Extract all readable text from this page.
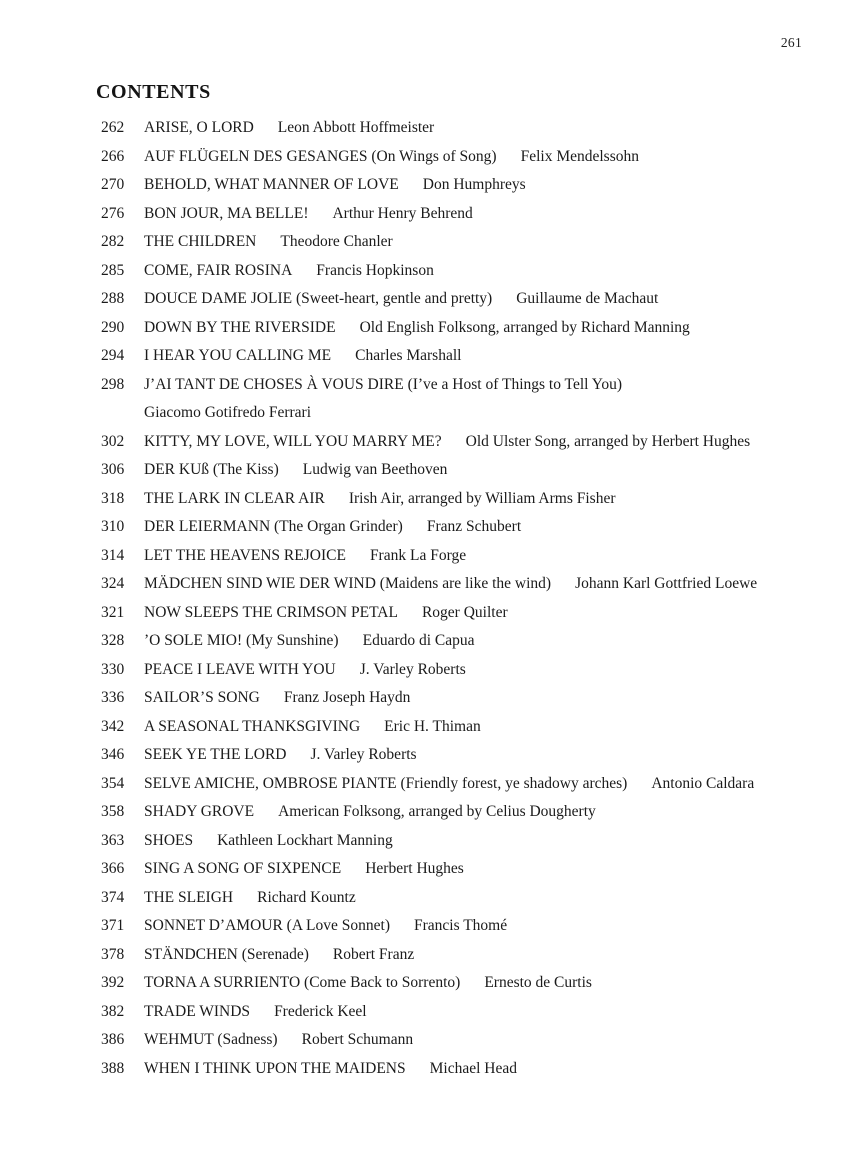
261
CONTENTS
262	ARISE, O LORD Leon Abbott Hoffmeister
266	AUF FLÜGELN DES GESANGES (On Wings of Song) Felix Mendelssohn
270	BEHOLD, WHAT MANNER OF LOVE Don Humphreys
276	BON JOUR, MA BELLE! Arthur Henry Behrend
282	THE CHILDREN Theodore Chanler
285	COME, FAIR ROSINA Francis Hopkinson
288	DOUCE DAME JOLIE (Sweet-heart, gentle and pretty) Guillaume de Machaut
290	DOWN BY THE RIVERSIDE Old English Folksong, arranged by Richard Manning
294	I HEAR YOU CALLING ME Charles Marshall
298	J’AI TANT DE CHOSES À VOUS DIRE (I’ve a Host of Things to Tell You)
Giacomo Gotifredo Ferrari
302	KITTY, MY LOVE, WILL YOU MARRY ME? Old Ulster Song, arranged by Herbert Hughes
306	DER KUß (The Kiss) Ludwig van Beethoven
318	THE LARK IN CLEAR AIR Irish Air, arranged by William Arms Fisher
310	DER LEIERMANN (The Organ Grinder) Franz Schubert
314	LET THE HEAVENS REJOICE Frank La Forge
324	MÄDCHEN SIND WIE DER WIND (Maidens are like the wind) Johann Karl Gottfried Loewe
321	NOW SLEEPS THE CRIMSON PETAL Roger Quilter
328	’O SOLE MIO! (My Sunshine) Eduardo di Capua
330	PEACE I LEAVE WITH YOU J. Varley Roberts
336	SAILOR’S SONG Franz Joseph Haydn
342	A SEASONAL THANKSGIVING Eric H. Thiman
346	SEEK YE THE LORD J. Varley Roberts
354	SELVE AMICHE, OMBROSE PIANTE (Friendly forest, ye shadowy arches) Antonio Caldara
358	SHADY GROVE American Folksong, arranged by Celius Dougherty
363	SHOES Kathleen Lockhart Manning
366	SING A SONG OF SIXPENCE Herbert Hughes
374	THE SLEIGH Richard Kountz
371	SONNET D’AMOUR (A Love Sonnet) Francis Thomé
378	STÄNDCHEN (Serenade) Robert Franz
392	TORNA A SURRIENTO (Come Back to Sorrento) Ernesto de Curtis
382	TRADE WINDS Frederick Keel
386	WEHMUT (Sadness) Robert Schumann
388	WHEN I THINK UPON THE MAIDENS Michael Head
